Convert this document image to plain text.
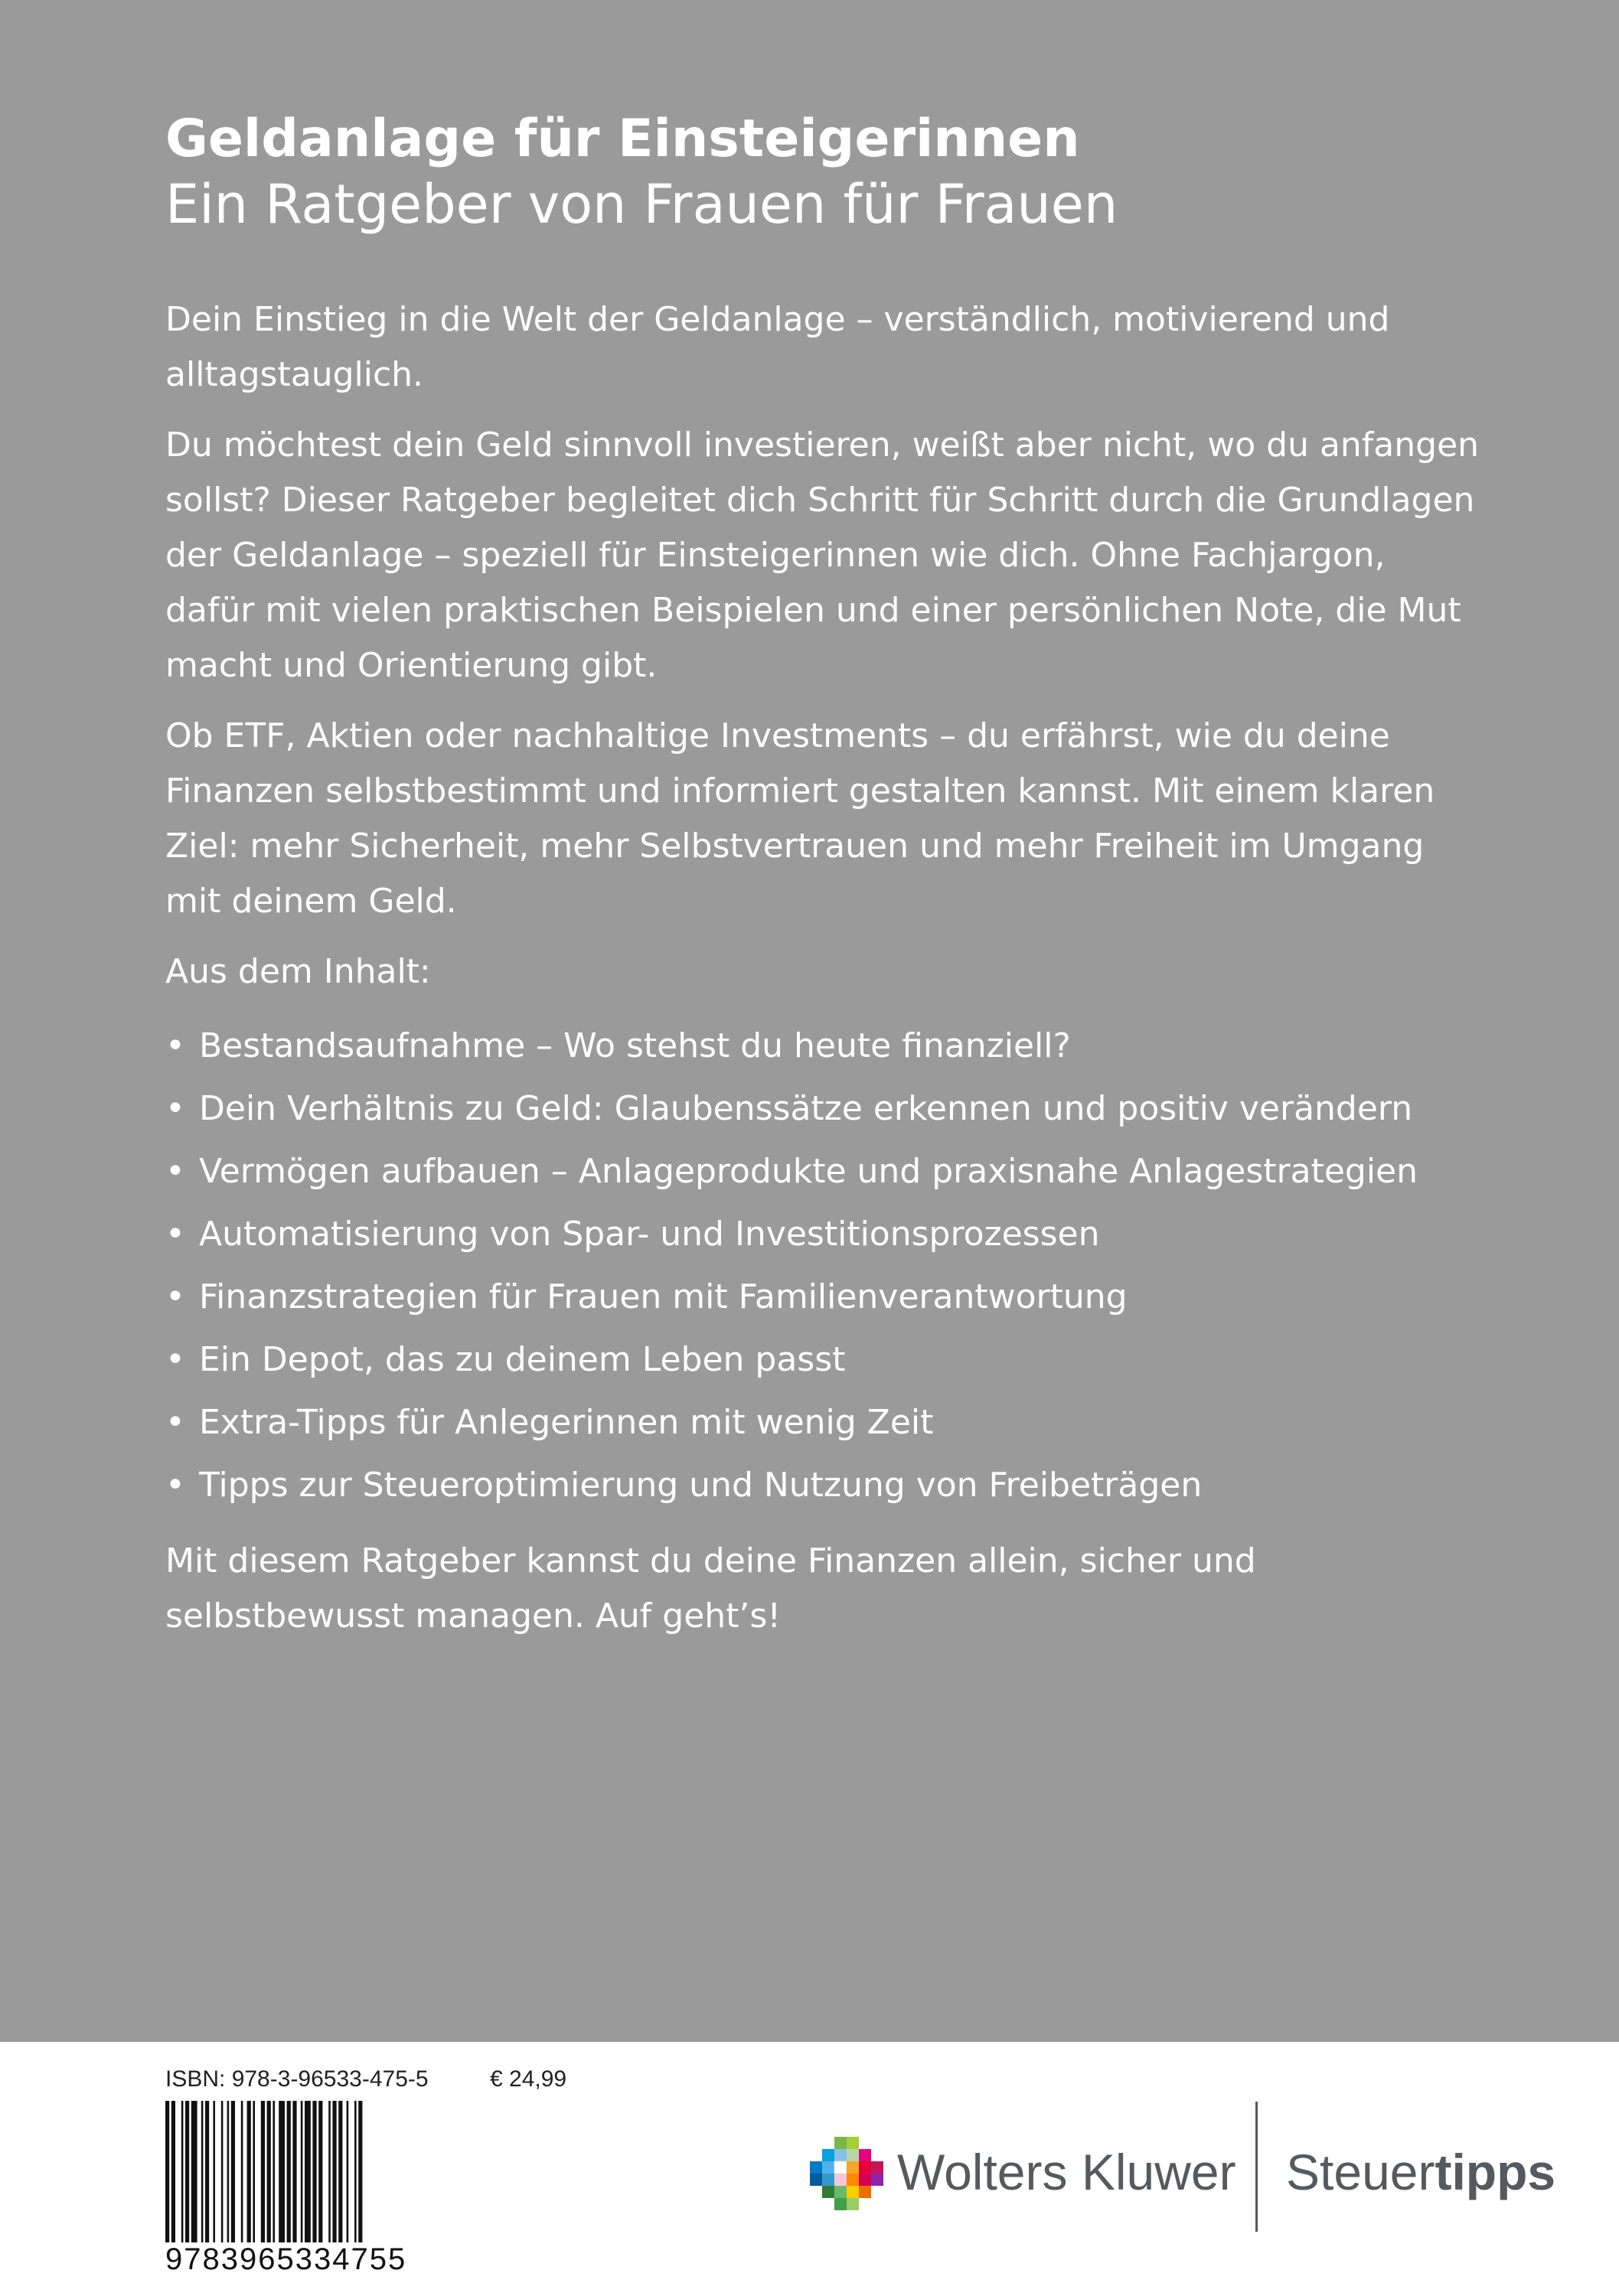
Geldanlage für Einsteigerinnen
Ein Ratgeber von Frauen für Frauen

Dein Einstieg in die Welt der Geldanlage – verständlich, motivierend und alltagstauglich.

Du möchtest dein Geld sinnvoll investieren, weißt aber nicht, wo du anfangen sollst? Dieser Ratgeber begleitet dich Schritt für Schritt durch die Grundlagen der Geldanlage – speziell für Einsteigerinnen wie dich. Ohne Fachjargon, dafür mit vielen praktischen Beispielen und einer persönlichen Note, die Mut macht und Orientierung gibt.

Ob ETF, Aktien oder nachhaltige Investments – du erfährst, wie du deine Finanzen selbstbestimmt und informiert gestalten kannst. Mit einem klaren Ziel: mehr Sicherheit, mehr Selbstvertrauen und mehr Freiheit im Umgang mit deinem Geld.

Aus dem Inhalt:

• Bestandsaufnahme – Wo stehst du heute finanziell?
• Dein Verhältnis zu Geld: Glaubenssätze erkennen und positiv verändern
• Vermögen aufbauen – Anlageprodukte und praxisnahe Anlagestrategien
• Automatisierung von Spar- und Investitionsprozessen
• Finanzstrategien für Frauen mit Familienverantwortung
• Ein Depot, das zu deinem Leben passt
• Extra-Tipps für Anlegerinnen mit wenig Zeit
• Tipps zur Steueroptimierung und Nutzung von Freibeträgen

Mit diesem Ratgeber kannst du deine Finanzen allein, sicher und selbstbewusst managen. Auf geht’s!

ISBN: 978-3-96533-475-5	€ 24,99
9783965334755
Wolters Kluwer Steuertipps
